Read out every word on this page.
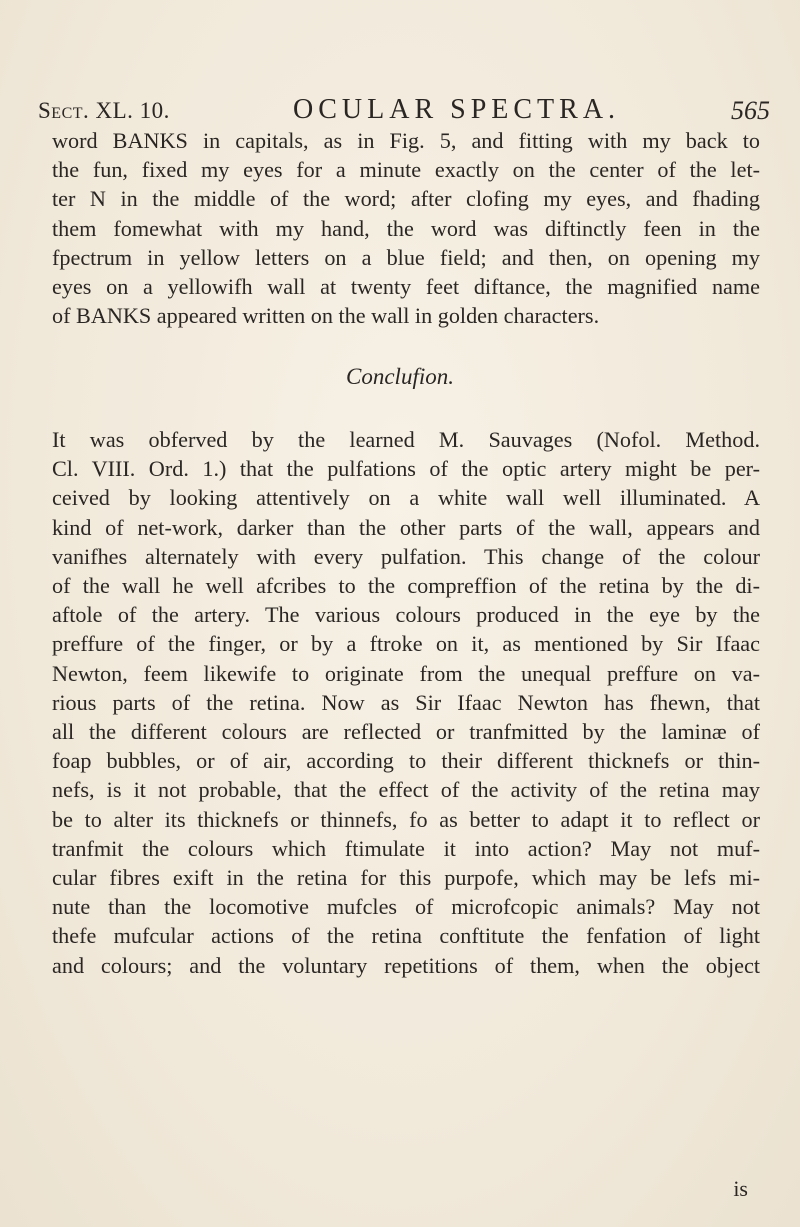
Sect. XL. 10.	OCULAR SPECTRA.	565
word BANKS in capitals, as in Fig. 5, and fitting with my back to
the fun, fixed my eyes for a minute exactly on the center of the let-
ter N in the middle of the word; after clofing my eyes, and fhading
them fomewhat with my hand, the word was diftinctly feen in the
fpectrum in yellow letters on a blue field; and then, on opening my
eyes on a yellowifh wall at twenty feet diftance, the magnified name
of BANKS appeared written on the wall in golden characters.
Conclufion.
It was obferved by the learned M. Sauvages (Nofol. Method.
Cl. VIII. Ord. 1.) that the pulfations of the optic artery might be per-
ceived by looking attentively on a white wall well illuminated. A
kind of net-work, darker than the other parts of the wall, appears and
vanifhes alternately with every pulfation. This change of the colour
of the wall he well afcribes to the compreffion of the retina by the di-
aftole of the artery. The various colours produced in the eye by the
preffure of the finger, or by a ftroke on it, as mentioned by Sir Ifaac
Newton, feem likewife to originate from the unequal preffure on va-
rious parts of the retina. Now as Sir Ifaac Newton has fhewn, that
all the different colours are reflected or tranfmitted by the laminæ of
foap bubbles, or of air, according to their different thicknefs or thin-
nefs, is it not probable, that the effect of the activity of the retina may
be to alter its thicknefs or thinnefs, fo as better to adapt it to reflect or
tranfmit the colours which ftimulate it into action? May not muf-
cular fibres exift in the retina for this purpofe, which may be lefs mi-
nute than the locomotive mufcles of microfcopic animals? May not
thefe mufcular actions of the retina conftitute the fenfation of light
and colours; and the voluntary repetitions of them, when the object
is
